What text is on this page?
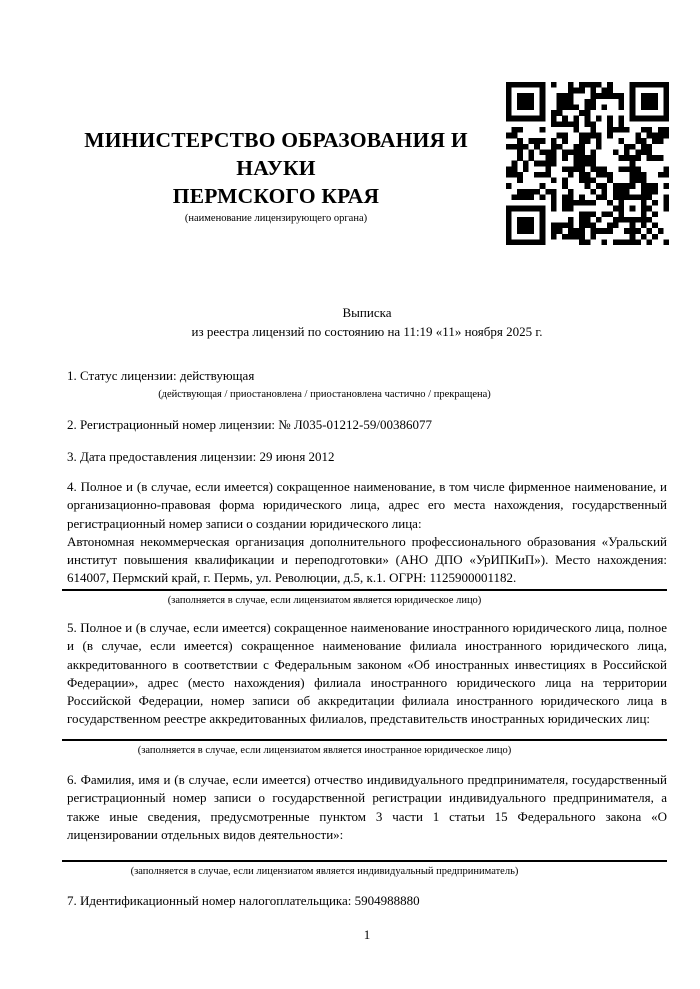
МИНИСТЕРСТВО ОБРАЗОВАНИЯ И НАУКИ
ПЕРМСКОГО КРАЯ
(наименование лицензирующего органа)
Выписка
из реестра лицензий по состоянию на 11:19 «11» ноября 2025 г.

1. Статус лицензии: действующая

(действующая / приостановлена / приостановлена частично / прекращена)

2. Регистрационный номер лицензии: № Л035-01212-59/00386077

3. Дата предоставления лицензии: 29 июня 2012

4. Полное и (в случае, если имеется) сокращенное наименование, в том числе фирменное наименование, и организационно-правовая форма юридического лица, адрес его места нахождения, государственный регистрационный номер записи о создании юридического лица:

Автономная некоммерческая организация дополнительного профессионального образования «Уральский институт повышения квалификации и переподготовки» (АНО ДПО «УрИПКиП»). Место нахождения: 614007, Пермский край, г. Пермь, ул. Революции, д.5, к.1. ОГРН: 1125900001182.

(заполняется в случае, если лицензиатом является юридическое лицо)

5. Полное и (в случае, если имеется) сокращенное наименование иностранного юридического лица, полное и (в случае, если имеется) сокращенное наименование филиала иностранного юридического лица, аккредитованного в соответствии с Федеральным законом «Об иностранных инвестициях в Российской Федерации», адрес (место нахождения) филиала иностранного юридического лица на территории Российской Федерации, номер записи об аккредитации филиала иностранного юридического лица в государственном реестре аккредитованных филиалов, представительств иностранных юридических лиц:

(заполняется в случае, если лицензиатом является иностранное юридическое лицо)

6. Фамилия, имя и (в случае, если имеется) отчество индивидуального предпринимателя, государственный регистрационный номер записи о государственной регистрации индивидуального предпринимателя, а также иные сведения, предусмотренные пунктом 3 части 1 статьи 15 Федерального закона «О лицензировании отдельных видов деятельности»:

(заполняется в случае, если лицензиатом является индивидуальный предприниматель)

7. Идентификационный номер налогоплательщика: 5904988880

1
